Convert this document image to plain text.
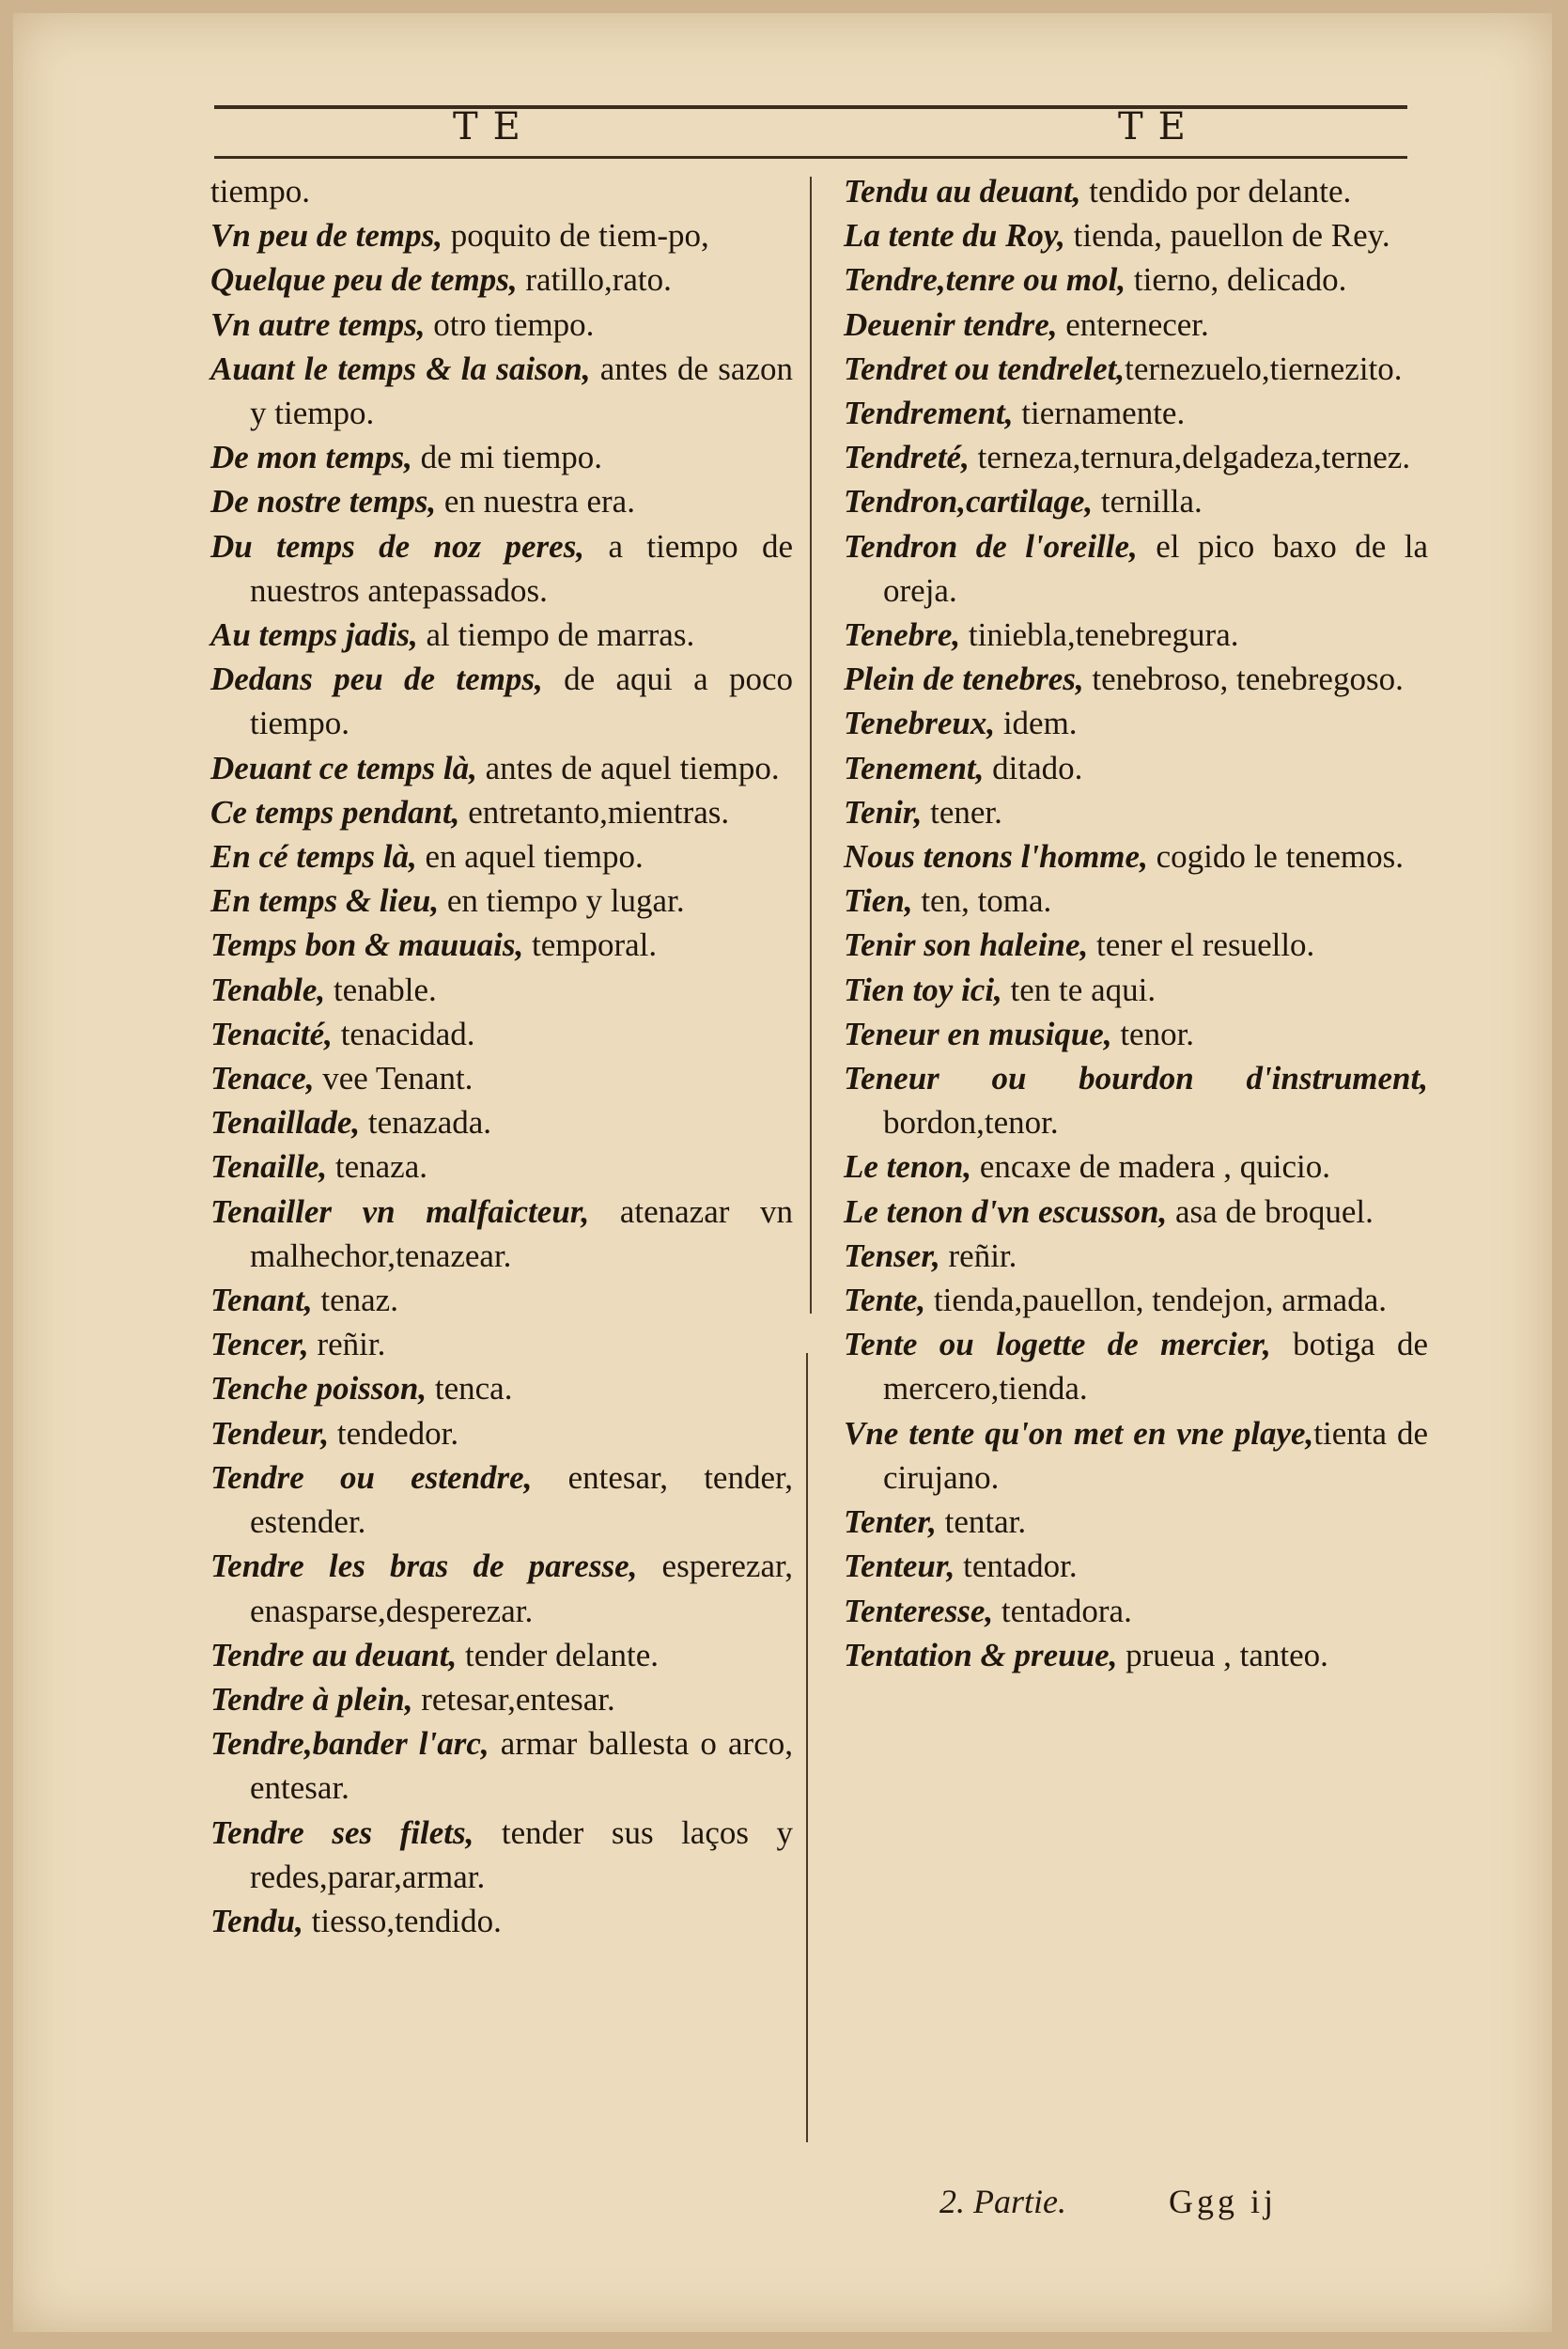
TE	TE
tiempo.
Vn peu de temps, poquito de tiem-po,
Quelque peu de temps, ratillo,rato.
Vn autre temps, otro tiempo.
Auant le temps & la saison, antes de sazon y tiempo.
De mon temps, de mi tiempo.
De nostre temps, en nuestra era.
Du temps de noz peres, a tiempo de nuestros antepassados.
Au temps jadis, al tiempo de marras.
Dedans peu de temps, de aqui a poco tiempo.
Deuant ce temps là, antes de aquel tiempo.
Ce temps pendant, entretanto,mientras.
En cé temps là, en aquel tiempo.
En temps & lieu, en tiempo y lugar.
Temps bon & mauuais, temporal.
Tenable, tenable.
Tenacité, tenacidad.
Tenace, vee Tenant.
Tenaillade, tenazada.
Tenaille, tenaza.
Tenailler vn malfaicteur, atenazar vn malhechor,tenazear.
Tenant, tenaz.
Tencer, reñir.
Tenche poisson, tenca.
Tendeur, tendedor.
Tendre ou estendre, entesar, tender, estender.
Tendre les bras de paresse, esperezar, enasparse,desperezar.
Tendre au deuant, tender delante.
Tendre à plein, retesar,entesar.
Tendre,bander l'arc, armar ballesta o arco, entesar.
Tendre ses filets, tender sus laços y redes,parar,armar.
Tendu, tiesso,tendido.
Tendu au deuant, tendido por delante.
La tente du Roy, tienda, pauellon de Rey.
Tendre,tenre ou mol, tierno, delicado.
Deuenir tendre, enternecer.
Tendret ou tendrelet,ternezuelo,tiernezito.
Tendrement, tiernamente.
Tendreté, terneza,ternura,delgadeza,ternez.
Tendron,cartilage, ternilla.
Tendron de l'oreille, el pico baxo de la oreja.
Tenebre, tiniebla,tenebregura.
Plein de tenebres, tenebroso, tenebregoso.
Tenebreux, idem.
Tenement, ditado.
Tenir, tener.
Nous tenons l'homme, cogido le tenemos.
Tien, ten, toma.
Tenir son haleine, tener el resuello.
Tien toy ici, ten te aqui.
Teneur en musique, tenor.
Teneur ou bourdon d'instrument, bordon,tenor.
Le tenon, encaxe de madera , quicio.
Le tenon d'vn escusson, asa de broquel.
Tenser, reñir.
Tente, tienda,pauellon, tendejon, armada.
Tente ou logette de mercier, botiga de mercero,tienda.
Vne tente qu'on met en vne playe,tienta de cirujano.
Tenter, tentar.
Tenteur, tentador.
Tenteresse, tentadora.
Tentation & preuue, prueua , tanteo.
2. Partie.	Ggg ij
